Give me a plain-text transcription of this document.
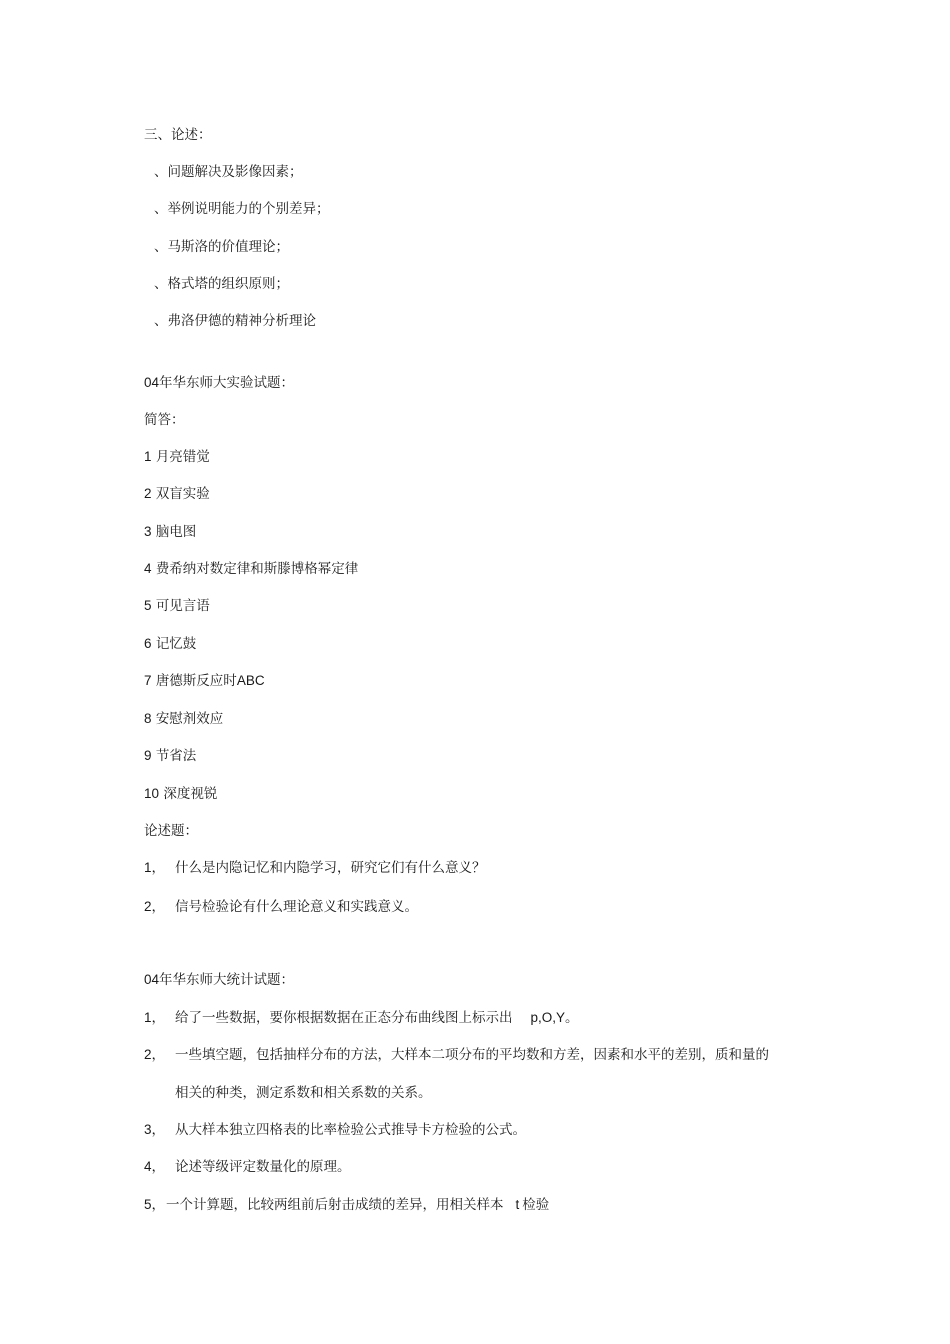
三、论述：
、问题解决及影像因素；
、举例说明能力的个别差异；
、马斯洛的价值理论；
、格式塔的组织原则；
、弗洛伊德的精神分析理论
04年华东师大实验试题：
简答：
1 月亮错觉
2 双盲实验
3 脑电图
4 费希纳对数定律和斯滕博格幂定律
5 可见言语
6 记忆鼓
7 唐德斯反应时ABC
8 安慰剂效应
9 节省法
10 深度视锐
论述题：
1， 什么是内隐记忆和内隐学习，研究它们有什么意义？
2， 信号检验论有什么理论意义和实践意义。
04年华东师大统计试题：
1， 给了一些数据，要你根据数据在正态分布曲线图上标示出 p,O,Y。
2， 一些填空题，包括抽样分布的方法，大样本二项分布的平均数和方差，因素和水平的差别，质和量的
相关的种类，测定系数和相关系数的关系。
3， 从大样本独立四格表的比率检验公式推导卡方检验的公式。
4， 论述等级评定数量化的原理。
5，一个计算题，比较两组前后射击成绩的差异，用相关样本 t 检验
